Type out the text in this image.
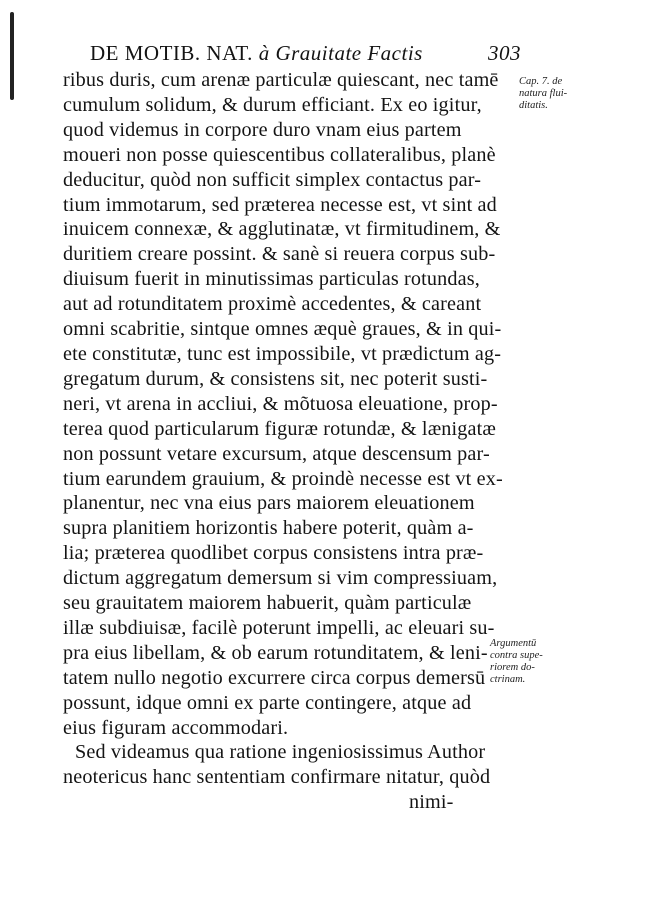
DE MOTIB. NAT. à Grauitate Factis	303
ribus duris, cum arenæ particulæ quiescant, nec tamē
cumulum solidum, & durum efficiant. Ex eo igitur,
quod videmus in corpore duro vnam eius partem
moueri non posse quiescentibus collateralibus, planè
deducitur, quòd non sufficit simplex contactus par-
tium immotarum, sed præterea necesse est, vt sint ad
inuicem connexæ, & agglutinatæ, vt firmitudinem, &
duritiem creare possint. & sanè si reuera corpus sub-
diuisum fuerit in minutissimas particulas rotundas,
aut ad rotunditatem proximè accedentes, & careant
omni scabritie, sintque omnes æquè graues, & in qui-
ete constitutæ, tunc est impossibile, vt prædictum ag-
gregatum durum, & consistens sit, nec poterit susti-
neri, vt arena in accliui, & mõtuosa eleuatione, prop-
terea quod particularum figuræ rotundæ, & lænigatæ
non possunt vetare excursum, atque descensum par-
tium earundem grauium, & proindè necesse est vt ex-
planentur, nec vna eius pars maiorem eleuationem
supra planitiem horizontis habere poterit, quàm a-
lia; præterea quodlibet corpus consistens intra præ-
dictum aggregatum demersum si vim compressiuam,
seu grauitatem maiorem habuerit, quàm particulæ
illæ subdiuisæ, facilè poterunt impelli, ac eleuari su-
pra eius libellam, & ob earum rotunditatem, & leni-
tatem nullo negotio excurrere circa corpus demersū
possunt, idque omni ex parte contingere, atque ad
eius figuram accommodari.
Sed videamus qua ratione ingeniosissimus Author
neotericus hanc sententiam confirmare nitatur, quòd
nimi-
Cap. 7. de
natura flui-
ditatis.
Argumentū
contra supe-
riorem do-
ctrinam.
